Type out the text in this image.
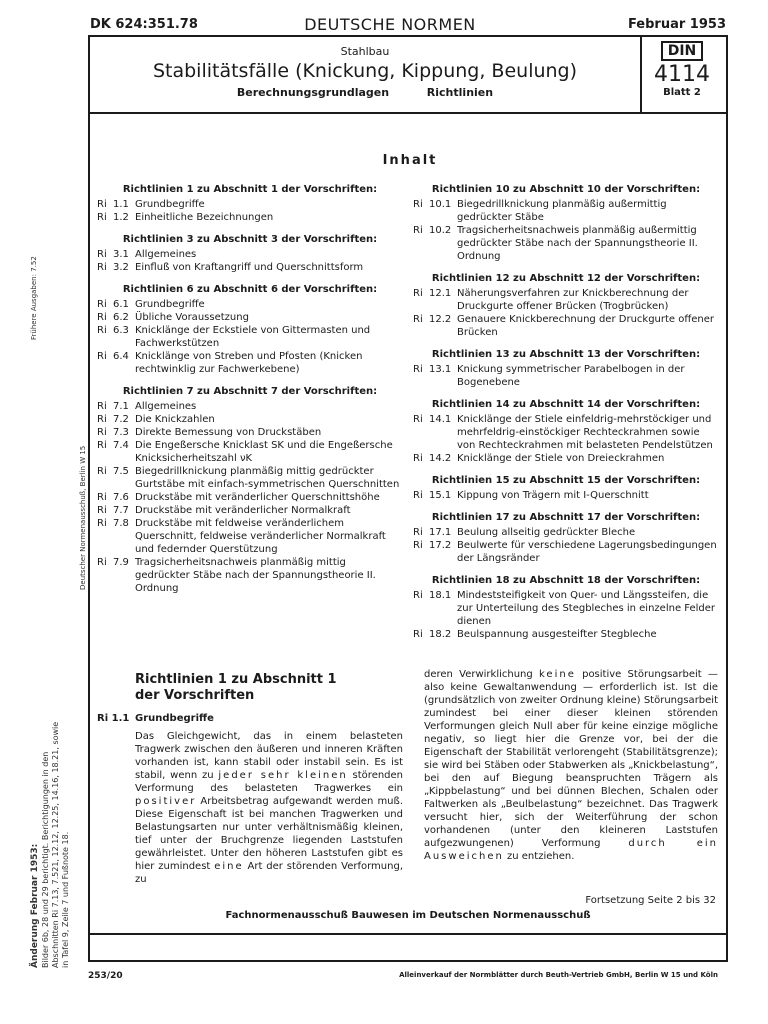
DK 624:351.78	DEUTSCHE NORMEN	Februar 1953
Stahlbau
Stabilitätsfälle (Knickung, Kippung, Beulung)
Berechnungsgrundlagen	Richtlinien
DIN
4114
Blatt 2
Inhalt
Richtlinien 1 zu Abschnitt 1 der Vorschriften:
Ri 1.1 Grundbegriffe
Ri 1.2 Einheitliche Bezeichnungen
Richtlinien 3 zu Abschnitt 3 der Vorschriften:
Ri 3.1 Allgemeines
Ri 3.2 Einfluß von Kraftangriff und Querschnittsform
Richtlinien 6 zu Abschnitt 6 der Vorschriften:
Ri 6.1 Grundbegriffe
Ri 6.2 Übliche Voraussetzung
Ri 6.3 Knicklänge der Eckstiele von Gittermasten und Fachwerkstützen
Ri 6.4 Knicklänge von Streben und Pfosten (Knicken rechtwinklig zur Fachwerkebene)
Richtlinien 7 zu Abschnitt 7 der Vorschriften:
Ri 7.1 Allgemeines
Ri 7.2 Die Knickzahlen
Ri 7.3 Direkte Bemessung von Druckstäben
Ri 7.4 Die Engeßersche Knicklast SK und die Engeßersche Knicksicherheitszahl νK
Ri 7.5 Biegedrillknickung planmäßig mittig gedrückter Gurtstäbe mit einfach-symmetrischen Querschnitten
Ri 7.6 Druckstäbe mit veränderlicher Querschnittshöhe
Ri 7.7 Druckstäbe mit veränderlicher Normalkraft
Ri 7.8 Druckstäbe mit feldweise veränderlichem Querschnitt, feldweise veränderlicher Normalkraft und federnder Querstützung
Ri 7.9 Tragsicherheitsnachweis planmäßig mittig gedrückter Stäbe nach der Spannungstheorie II. Ordnung
Richtlinien 10 zu Abschnitt 10 der Vorschriften:
Ri 10.1 Biegedrillknickung planmäßig außermittig gedrückter Stäbe
Ri 10.2 Tragsicherheitsnachweis planmäßig außermittig gedrückter Stäbe nach der Spannungstheorie II. Ordnung
Richtlinien 12 zu Abschnitt 12 der Vorschriften:
Ri 12.1 Näherungsverfahren zur Knickberechnung der Druckgurte offener Brücken (Trogbrücken)
Ri 12.2 Genauere Knickberechnung der Druckgurte offener Brücken
Richtlinien 13 zu Abschnitt 13 der Vorschriften:
Ri 13.1 Knickung symmetrischer Parabelbogen in der Bogenebene
Richtlinien 14 zu Abschnitt 14 der Vorschriften:
Ri 14.1 Knicklänge der Stiele einfeldrig-mehrstöckiger und mehrfeldrig-einstöckiger Rechteckrahmen sowie von Rechteckrahmen mit belasteten Pendelstützen
Ri 14.2 Knicklänge der Stiele von Dreieckrahmen
Richtlinien 15 zu Abschnitt 15 der Vorschriften:
Ri 15.1 Kippung von Trägern mit I-Querschnitt
Richtlinien 17 zu Abschnitt 17 der Vorschriften:
Ri 17.1 Beulung allseitig gedrückter Bleche
Ri 17.2 Beulwerte für verschiedene Lagerungsbedingungen der Längsränder
Richtlinien 18 zu Abschnitt 18 der Vorschriften:
Ri 18.1 Mindeststeifigkeit von Quer- und Längssteifen, die zur Unterteilung des Stegbleches in einzelne Felder dienen
Ri 18.2 Beulspannung ausgesteifter Stegbleche
Richtlinien 1 zu Abschnitt 1
der Vorschriften
Ri 1.1 Grundbegriffe
Das Gleichgewicht, das in einem belasteten Tragwerk zwischen den äußeren und inneren Kräften vorhanden ist, kann stabil oder instabil sein. Es ist stabil, wenn zu jeder sehr kleinen störenden Verformung des belasteten Tragwerkes ein positiver Arbeitsbetrag aufgewandt werden muß. Diese Eigenschaft ist bei manchen Tragwerken und Belastungsarten nur unter verhältnismäßig kleinen, tief unter der Bruchgrenze liegenden Laststufen gewährleistet. Unter den höheren Laststufen gibt es hier zumindest eine Art der störenden Verformung, zu
deren Verwirklichung keine positive Störungsarbeit — also keine Gewaltanwendung — erforderlich ist. Ist die (grundsätzlich von zweiter Ordnung kleine) Störungsarbeit zumindest bei einer dieser kleinen störenden Verformungen gleich Null aber für keine einzige mögliche negativ, so liegt hier die Grenze vor, bei der die Eigenschaft der Stabilität verlorengeht (Stabilitätsgrenze); sie wird bei Stäben oder Stabwerken als „Knickbelastung“, bei den auf Biegung beanspruchten Trägern als „Kippbelastung“ und bei dünnen Blechen, Schalen oder Faltwerken als „Beulbelastung“ bezeichnet. Das Tragwerk versucht hier, sich der Weiterführung der schon vorhandenen (unter den kleineren Laststufen aufgezwungenen) Verformung	durch ein Ausweichen zu entziehen.
Fortsetzung Seite 2 bis 32
Fachnormenausschuß Bauwesen im Deutschen Normenausschuß
253/20	Alleinverkauf der Normblätter durch Beuth-Vertrieb GmbH, Berlin W 15 und Köln
Frühere Ausgaben: 7.52
Deutscher Normenausschuß, Berlin W 15
Änderung Februar 1953: Bilder 6b, 28 und 29 berichtigt. Berichtigungen in den Abschnitten Ri 7.13, 7.521, 12.12, 12.25, 14.16, 18.21, sowie in Tafel 9, Zeile 7 und Fußnote 18.
